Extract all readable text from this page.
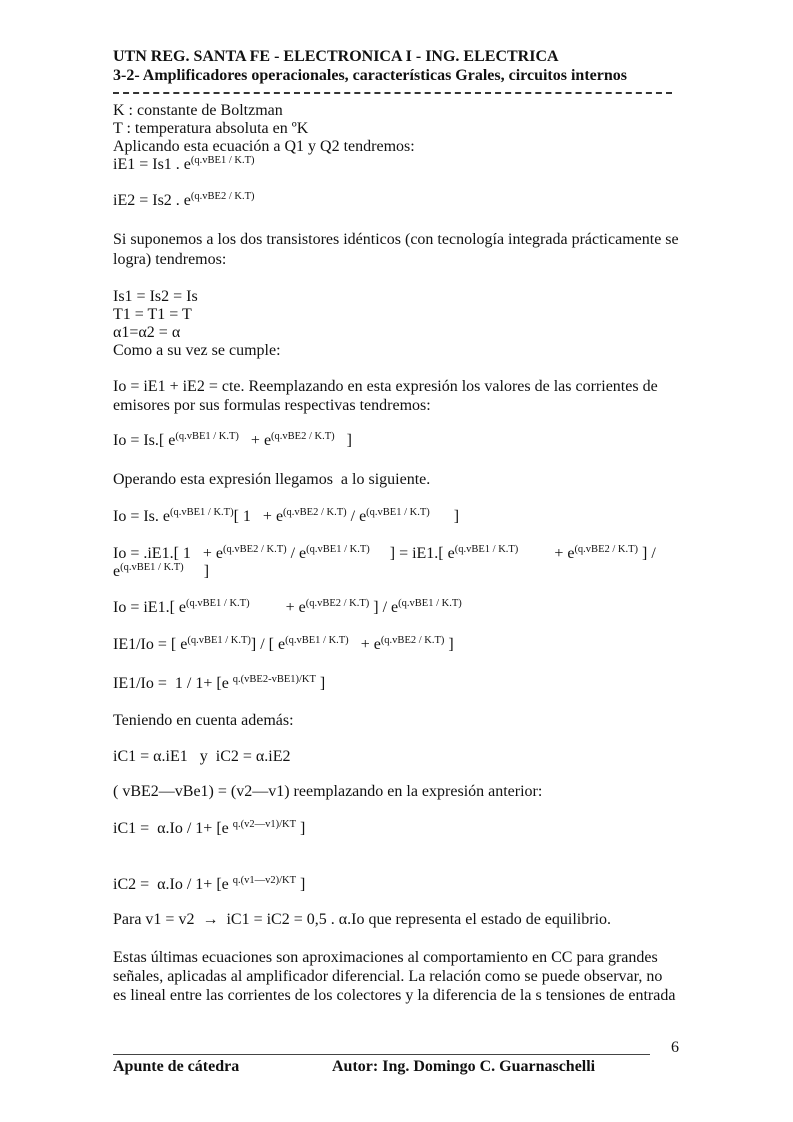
UTN REG. SANTA FE - ELECTRONICA I - ING. ELECTRICA
3-2- Amplificadores operacionales, características Grales, circuitos internos
K : constante de Boltzman
T : temperatura absoluta en ºK
Aplicando esta ecuación a Q1 y Q2 tendremos:
iE1 = Is1 . $e^{(q.vBE1 / K.T)}$
iE2 = Is2 . $e^{(q.vBE2 / K.T)}$
Si suponemos a los dos transistores idénticos (con tecnología integrada prácticamente se
logra) tendremos:
Is1 = Is2 = Is
T1 = T1 = T
α1=α2 = α
Como a su vez se cumple:
Io = iE1 + iE2 = cte. Reemplazando en esta expresión los valores de las corrientes de
emisores por sus formulas respectivas tendremos:
Io = Is.[ $e^{(q.vBE1 / K.T)} + e^{(q.vBE2 / K.T)}$   ]
Operando esta expresión llegamos  a lo siguiente.
Io = Is. $e^{(q.vBE1 / K.T)}$[ $1 + e^{(q.vBE2 / K.T)} / e^{(q.vBE1 / K.T)}$      ]
Io = .iE1.[ $1 + e^{(q.vBE2 / K.T)} / e^{(q.vBE1 / K.T)}$     ] = iE1.[ $e^{(q.vBE1 / K.T)}$         + $e^{(q.vBE2 / K.T)}$ ] /
$e^{(q.vBE1 / K.T)}$     ]
Io = iE1.[ $e^{(q.vBE1 / K.T)}$         + $e^{(q.vBE2 / K.T)}$ ] / $e^{(q.vBE1 / K.T)}$
IE1/Io = [ $e^{(q.vBE1 / K.T)}$] / [ $e^{(q.vBE1 / K.T)} + e^{(q.vBE2 / K.T)}$ ]
IE1/Io =  1 / 1+ [e $^{q.(vBE2-vBE1)/KT}$ ]
Teniendo en cuenta además:
iC1 = α.iE1   y  iC2 = α.iE2
( vBE2—vBe1) = (v2—v1) reemplazando en la expresión anterior:
iC1 =  α.Io / 1+ [e $^{q.(v2—v1)/KT}$ ]
iC2 =  α.Io / 1+ [e $^{q.(v1—v2)/KT}$ ]
Para v1 = v2  →  iC1 = iC2 = 0,5 . α.Io que representa el estado de equilibrio.
Estas últimas ecuaciones son aproximaciones al comportamiento en CC para grandes
señales, aplicadas al amplificador diferencial. La relación como se puede observar, no
es lineal entre las corrientes de los colectores y la diferencia de la s tensiones de entrada
6
Apunte de cátedra	Autor: Ing. Domingo C. Guarnaschelli
